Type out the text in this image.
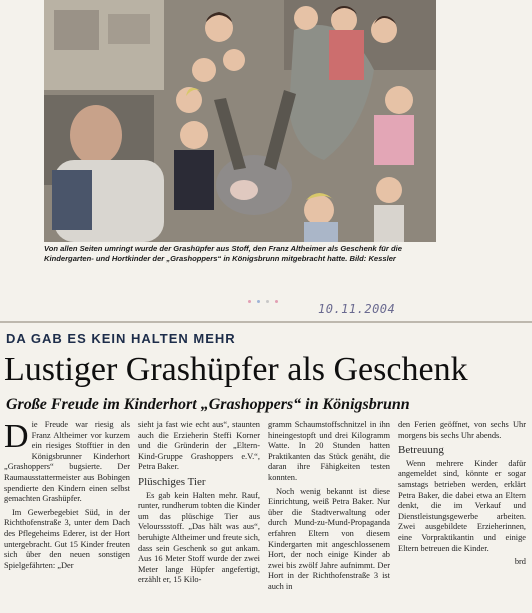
Von allen Seiten umringt wurde der Grashüpfer aus Stoff, den Franz Altheimer als Geschenk für die Kindergarten- und Hortkinder der „Grashoppers“ in Königsbrunn mitgebracht hatte. Bild: Kessler
10.11.2004
DA GAB ES KEIN HALTEN MEHR
Lustiger Grashüpfer als Geschenk
Große Freude im Kinderhort „Grashoppers“ in Königsbrunn

Die Freude war riesig als Franz Altheimer vor kurzem ein riesiges Stofftier in den Königsbrunner Kinderhort „Grashoppers“ bugsierte. Der Raumausstattermeister aus Bobingen spendierte den Kindern einen selbst gemachten Grashüpfer.

Im Gewerbegebiet Süd, in der Richthofenstraße 3, unter dem Dach des Pflegeheims Ederer, ist der Hort untergebracht. Gut 15 Kinder freuten sich über den neuen sonstigen Spielgefährten: „Der

sieht ja fast wie echt aus“, staunten auch die Erzieherin Steffi Korner und die Gründerin der „Eltern-Kind-Gruppe Grashoppers e.V.“, Petra Baker.

Plüschiges Tier

Es gab kein Halten mehr. Rauf, runter, rundherum tobten die Kinder um das plüschige Tier aus Velourssstoff. „Das hält was aus“, beruhigte Altheimer und freute sich, dass sein Geschenk so gut ankam. Aus 16 Meter Stoff wurde der zwei Meter lange Hüpfer angefertigt, erzählt er, 15 Kilo-

gramm Schaumstoffschnitzel in ihn hineingestopft und drei Kilogramm Watte. In 20 Stunden hatten Praktikanten das Stück genäht, die daran ihre Fähigkeiten testen konnten.

Noch wenig bekannt ist diese Einrichtung, weiß Petra Baker. Nur über die Stadtverwaltung oder durch Mund-zu-Mund-Propaganda erfahren Eltern von diesem Kindergarten mit angeschlossenem Hort, der noch einige Kinder ab zwei bis zwölf Jahre aufnimmt. Der Hort in der Richthofenstraße 3 ist auch in

den Ferien geöffnet, von sechs Uhr morgens bis sechs Uhr abends.

Betreuung

Wenn mehrere Kinder dafür angemeldet sind, könnte er sogar samstags betrieben werden, erklärt Petra Baker, die dabei etwa an Eltern denkt, die im Verkauf und Dienstleistungsgewerbe arbeiten. Zwei ausgebildete Erzieherinnen, eine Vorpraktikantin und einige Eltern betreuen die Kinder.

brd
